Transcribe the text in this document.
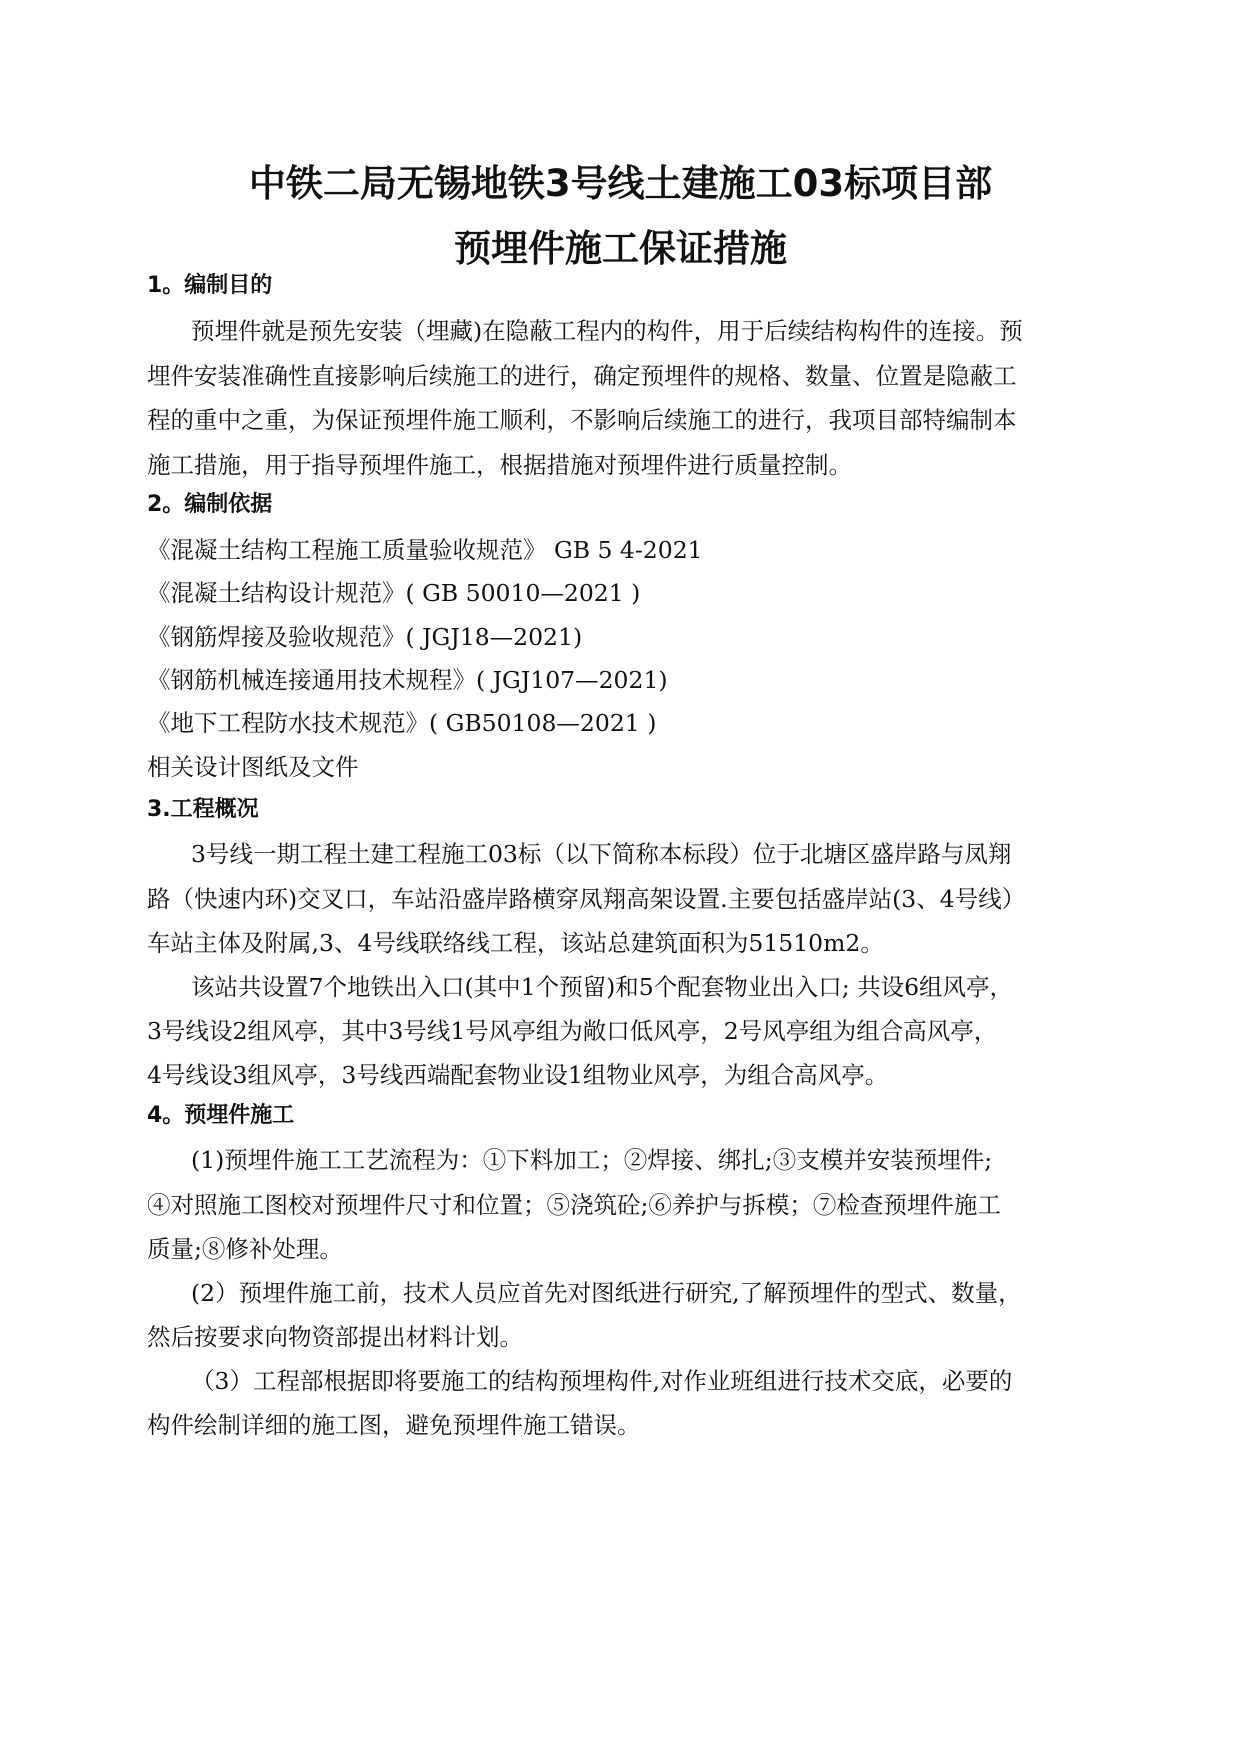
中铁二局无锡地铁3号线土建施工03标项目部
预埋件施工保证措施
1。编制目的
预埋件就是预先安装（埋藏)在隐蔽工程内的构件，用于后续结构构件的连接。预
埋件安装准确性直接影响后续施工的进行，确定预埋件的规格、数量、位置是隐蔽工
程的重中之重，为保证预埋件施工顺利，不影响后续施工的进行，我项目部特编制本
施工措施，用于指导预埋件施工，根据措施对预埋件进行质量控制。
2。编制依据
《混凝土结构工程施工质量验收规范》 GB 5 4-2021
《混凝土结构设计规范》( GB 50010—2021 )
《钢筋焊接及验收规范》( JGJ18—2021)
《钢筋机械连接通用技术规程》( JGJ107—2021)
《地下工程防水技术规范》( GB50108—2021 )
相关设计图纸及文件
3.工程概况
3号线一期工程土建工程施工03标（以下简称本标段）位于北塘区盛岸路与凤翔
路（快速内环)交叉口，车站沿盛岸路横穿凤翔高架设置.主要包括盛岸站(3、4号线）
车站主体及附属,3、4号线联络线工程，该站总建筑面积为51510m2。
该站共设置7个地铁出入口(其中1个预留)和5个配套物业出入口; 共设6组风亭，
3号线设2组风亭，其中3号线1号风亭组为敞口低风亭，2号风亭组为组合高风亭，
4号线设3组风亭，3号线西端配套物业设1组物业风亭，为组合高风亭。
4。预埋件施工
(1)预埋件施工工艺流程为：①下料加工；②焊接、绑扎;③支模并安装预埋件;
④对照施工图校对预埋件尺寸和位置；⑤浇筑砼;⑥养护与拆模；⑦检查预埋件施工
质量;⑧修补处理。
(2）预埋件施工前，技术人员应首先对图纸进行研究,了解预埋件的型式、数量，
然后按要求向物资部提出材料计划。
（3）工程部根据即将要施工的结构预埋构件,对作业班组进行技术交底，必要的
构件绘制详细的施工图，避免预埋件施工错误。
